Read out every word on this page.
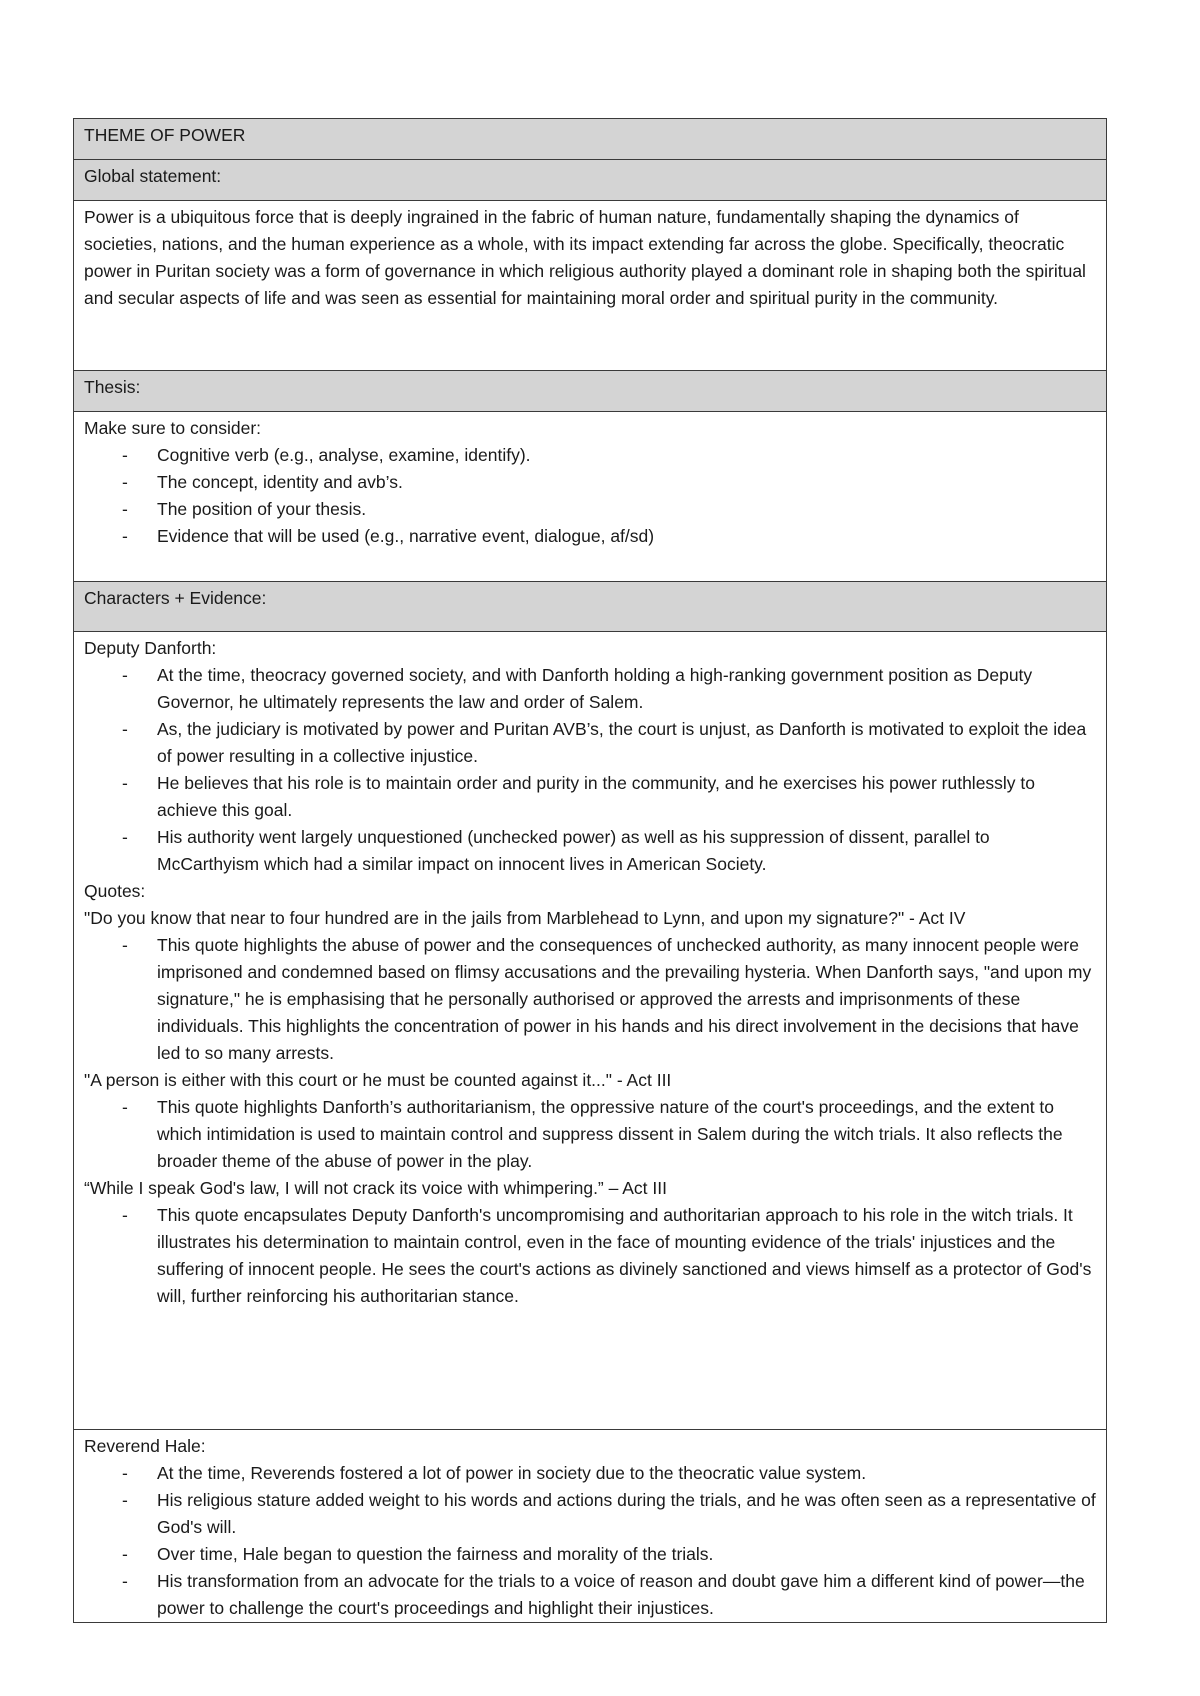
THEME OF POWER
Global statement:

Power is a ubiquitous force that is deeply ingrained in the fabric of human nature, fundamentally shaping the dynamics of societies, nations, and the human experience as a whole, with its impact extending far across the globe. Specifically, theocratic power in Puritan society was a form of governance in which religious authority played a dominant role in shaping both the spiritual and secular aspects of life and was seen as essential for maintaining moral order and spiritual purity in the community.

Thesis:

Make sure to consider:

- Cognitive verb (e.g., analyse, examine, identify).
- The concept, identity and avb’s.
- The position of your thesis.
- Evidence that will be used (e.g., narrative event, dialogue, af/sd)

Characters + Evidence:

Deputy Danforth:

- At the time, theocracy governed society, and with Danforth holding a high-ranking government position as Deputy Governor, he ultimately represents the law and order of Salem.
- As, the judiciary is motivated by power and Puritan AVB’s, the court is unjust, as Danforth is motivated to exploit the idea of power resulting in a collective injustice.
- He believes that his role is to maintain order and purity in the community, and he exercises his power ruthlessly to achieve this goal.
- His authority went largely unquestioned (unchecked power) as well as his suppression of dissent, parallel to McCarthyism which had a similar impact on innocent lives in American Society.

Quotes:

"Do you know that near to four hundred are in the jails from Marblehead to Lynn, and upon my signature?" - Act IV

- This quote highlights the abuse of power and the consequences of unchecked authority, as many innocent people were imprisoned and condemned based on flimsy accusations and the prevailing hysteria. When Danforth says, "and upon my signature," he is emphasising that he personally authorised or approved the arrests and imprisonments of these individuals. This highlights the concentration of power in his hands and his direct involvement in the decisions that have led to so many arrests.

"A person is either with this court or he must be counted against it..." - Act III

- This quote highlights Danforth’s authoritarianism, the oppressive nature of the court's proceedings, and the extent to which intimidation is used to maintain control and suppress dissent in Salem during the witch trials. It also reflects the broader theme of the abuse of power in the play.

“While I speak God's law, I will not crack its voice with whimpering.” – Act III

- This quote encapsulates Deputy Danforth's uncompromising and authoritarian approach to his role in the witch trials. It illustrates his determination to maintain control, even in the face of mounting evidence of the trials' injustices and the suffering of innocent people. He sees the court's actions as divinely sanctioned and views himself as a protector of God's will, further reinforcing his authoritarian stance.

Reverend Hale:

- At the time, Reverends fostered a lot of power in society due to the theocratic value system.
- His religious stature added weight to his words and actions during the trials, and he was often seen as a representative of God's will.
- Over time, Hale began to question the fairness and morality of the trials.
- His transformation from an advocate for the trials to a voice of reason and doubt gave him a different kind of power—the power to challenge the court's proceedings and highlight their injustices.
